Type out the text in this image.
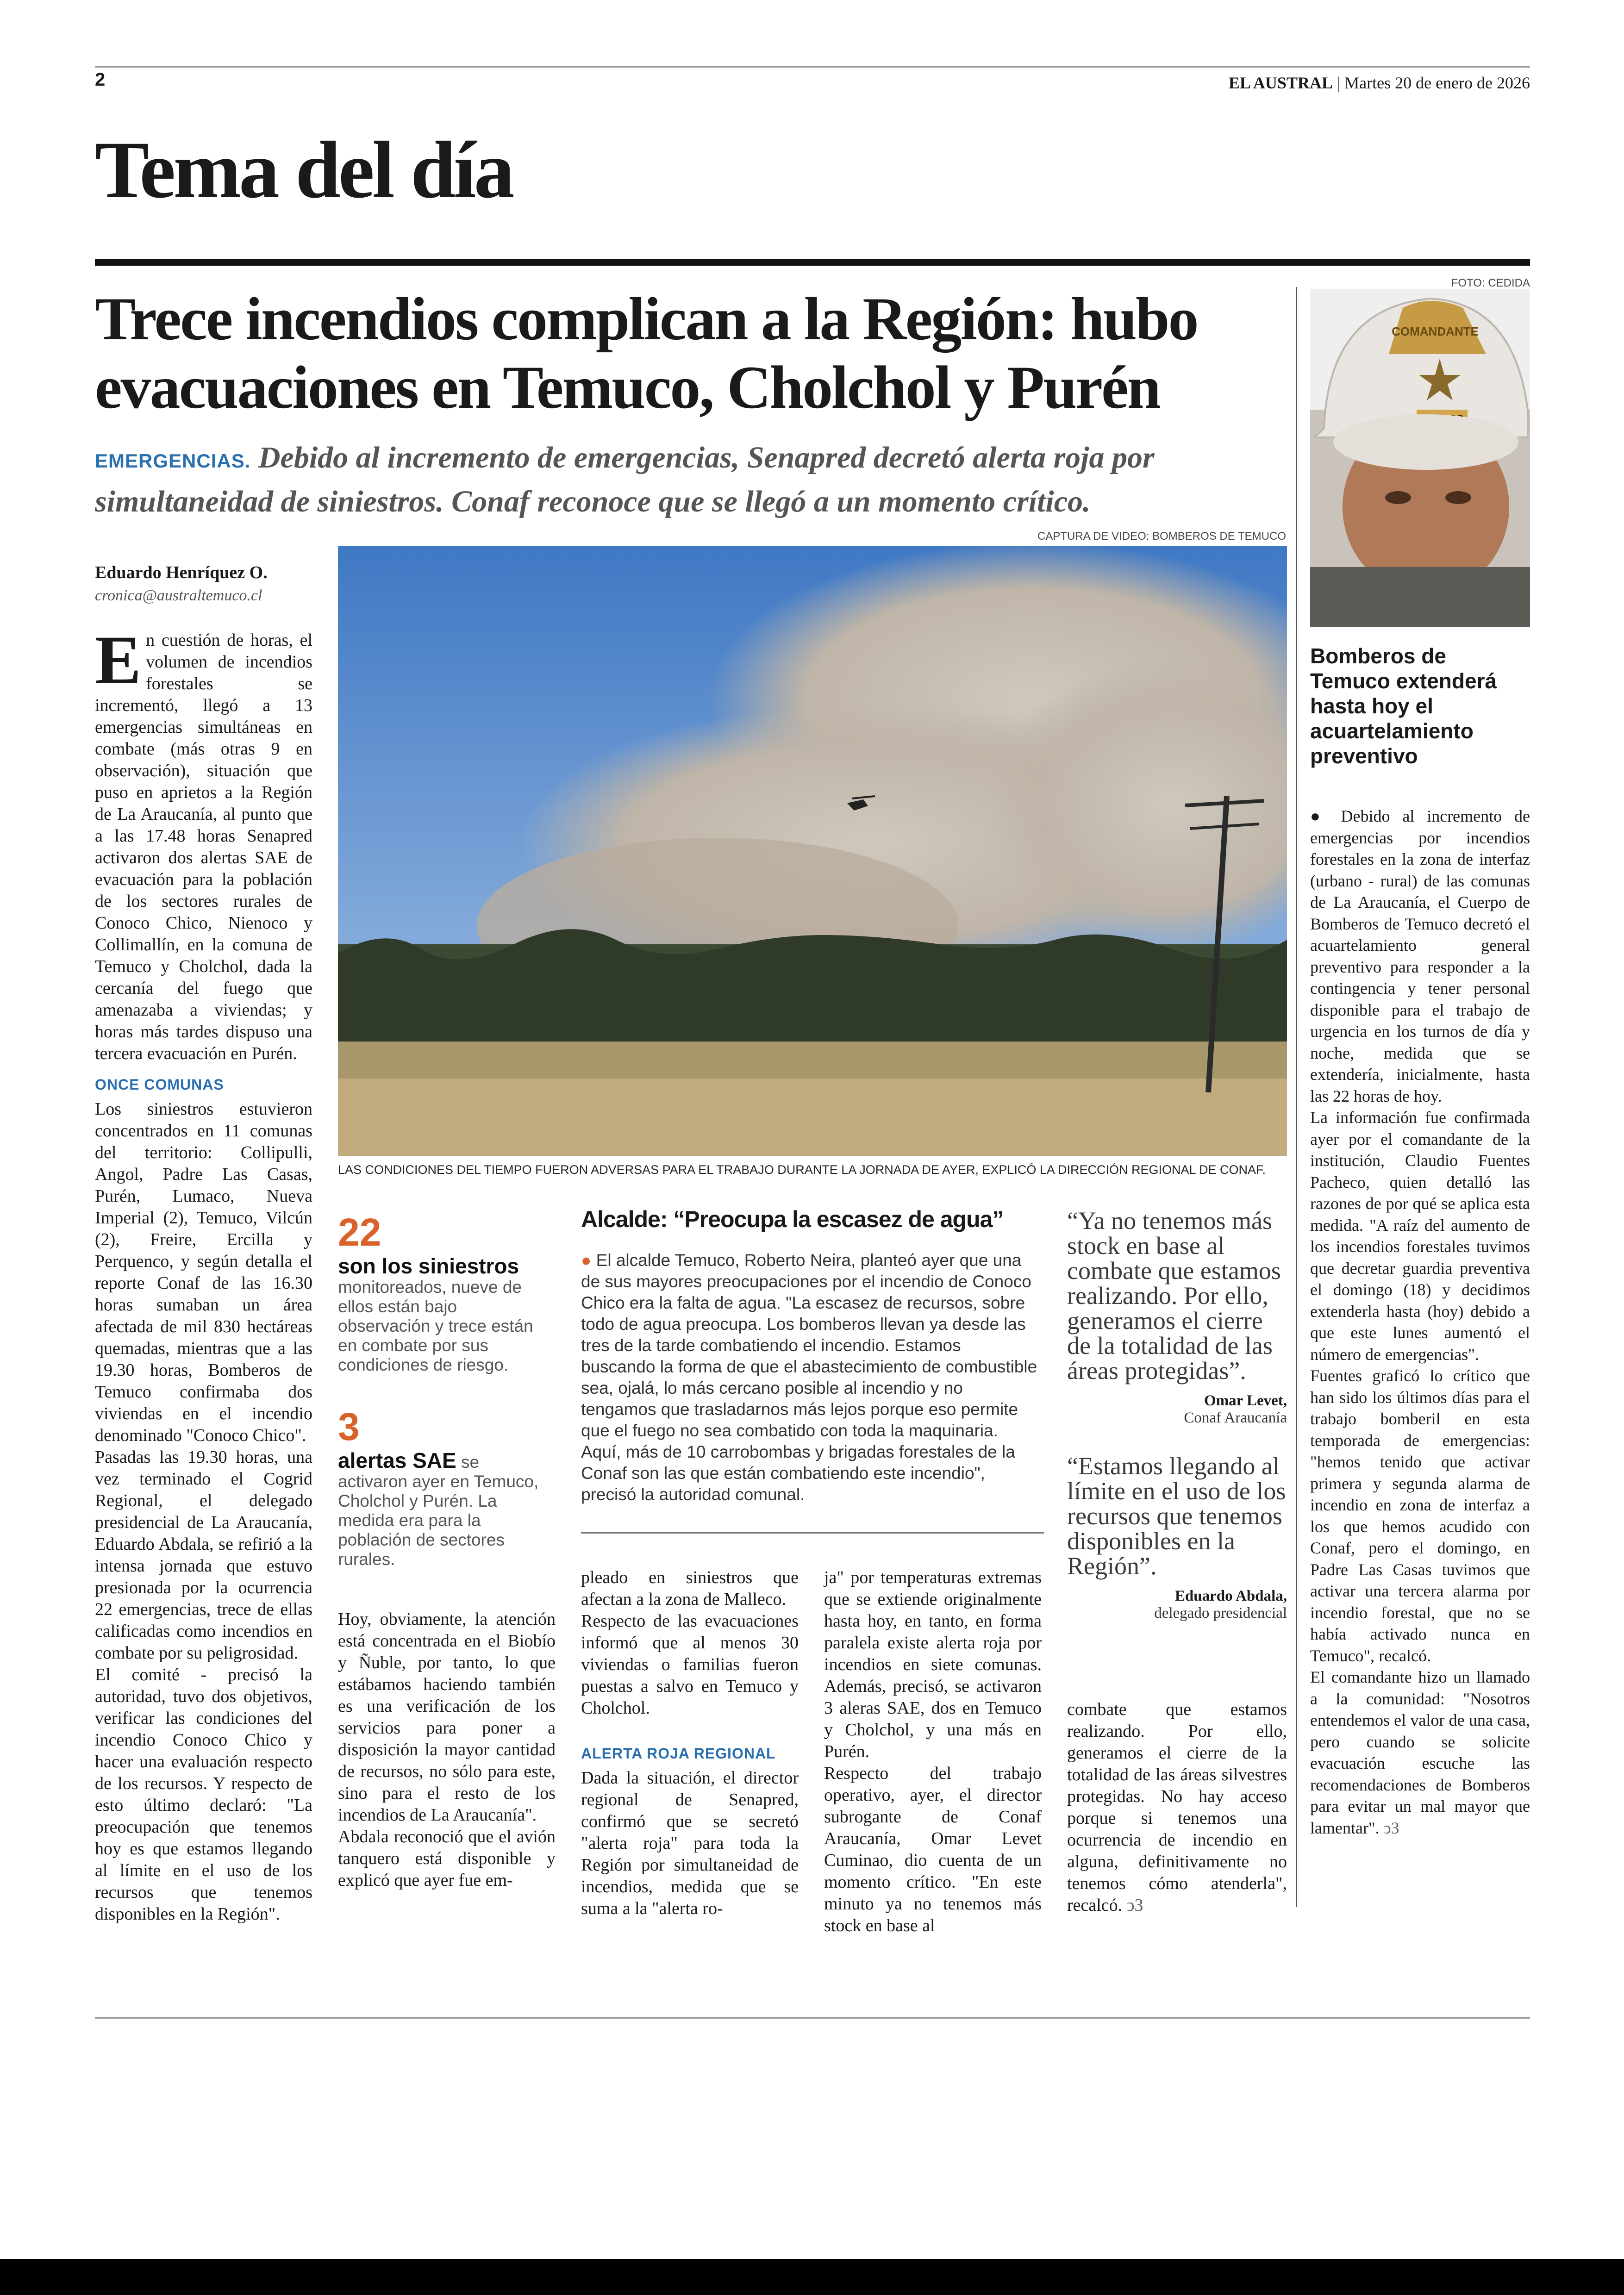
2	EL AUSTRAL | Martes 20 de enero de 2026
Tema del día
Trece incendios complican a la Región: hubo evacuaciones en Temuco, Cholchol y Purén
EMERGENCIAS. Debido al incremento de emergencias, Senapred decretó alerta roja por simultaneidad de siniestros. Conaf reconoce que se llegó a un momento crítico.
Eduardo Henríquez O.
cronica@australtemuco.cl
CAPTURA DE VIDEO: BOMBEROS DE TEMUCO
LAS CONDICIONES DEL TIEMPO FUERON ADVERSAS PARA EL TRABAJO DURANTE LA JORNADA DE AYER, EXPLICÓ LA DIRECCIÓN REGIONAL DE CONAF.
En cuestión de horas, el volumen de incendios forestales se incrementó, llegó a 13 emergencias simultáneas en combate (más otras 9 en observación), situación que puso en aprietos a la Región de La Araucanía, al punto que a las 17.48 horas Senapred activaron dos alertas SAE de evacuación para la población de los sectores rurales de Conoco Chico, Nienoco y Collimallín, en la comuna de Temuco y Cholchol, dada la cercanía del fuego que amenazaba a viviendas; y horas más tardes dispuso una tercera evacuación en Purén.
ONCE COMUNAS
Los siniestros estuvieron concentrados en 11 comunas del territorio: Collipulli, Angol, Padre Las Casas, Purén, Lumaco, Nueva Imperial (2), Temuco, Vilcún (2), Freire, Ercilla y Perquenco, y según detalla el reporte Conaf de las 16.30 horas sumaban un área afectada de mil 830 hectáreas quemadas, mientras que a las 19.30 horas, Bomberos de Temuco confirmaba dos viviendas en el incendio denominado "Conoco Chico".
Pasadas las 19.30 horas, una vez terminado el Cogrid Regional, el delegado presidencial de La Araucanía, Eduardo Abdala, se refirió a la intensa jornada que estuvo presionada por la ocurrencia 22 emergencias, trece de ellas calificadas como incendios en combate por su peligrosidad.
El comité - precisó la autoridad, tuvo dos objetivos, verificar las condiciones del incendio Conoco Chico y hacer una evaluación respecto de los recursos. Y respecto de esto último declaró: "La preocupación que tenemos hoy es que estamos llegando al límite en el uso de los recursos que tenemos disponibles en la Región".
22
son los siniestros monitoreados, nueve de ellos están bajo observación y trece están en combate por sus condiciones de riesgo.
3
alertas SAE se activaron ayer en Temuco, Cholchol y Purén. La medida era para la población de sectores rurales.
Hoy, obviamente, la atención está concentrada en el Biobío y Ñuble, por tanto, lo que estábamos haciendo también es una verificación de los servicios para poner a disposición la mayor cantidad de recursos, no sólo para este, sino para el resto de los incendios de La Araucanía".
Abdala reconoció que el avión tanquero está disponible y explicó que ayer fue em-
Alcalde: “Preocupa la escasez de agua”
● El alcalde Temuco, Roberto Neira, planteó ayer que una de sus mayores preocupaciones por el incendio de Conoco Chico era la falta de agua. "La escasez de recursos, sobre todo de agua preocupa. Los bomberos llevan ya desde las tres de la tarde combatiendo el incendio. Estamos buscando la forma de que el abastecimiento de combustible sea, ojalá, lo más cercano posible al incendio y no tengamos que trasladarnos más lejos porque eso permite que el fuego no sea combatido con toda la maquinaria. Aquí, más de 10 carrobombas y brigadas forestales de la Conaf son las que están combatiendo este incendio", precisó la autoridad comunal.
pleado en siniestros que afectan a la zona de Malleco.
Respecto de las evacuaciones informó que al menos 30 viviendas o familias fueron puestas a salvo en Temuco y Cholchol.
ALERTA ROJA REGIONAL
Dada la situación, el director regional de Senapred, confirmó que se secretó "alerta roja" para toda la Región por simultaneidad de incendios, medida que se suma a la "alerta ro-
ja" por temperaturas extremas que se extiende originalmente hasta hoy, en tanto, en forma paralela existe alerta roja por incendios en siete comunas. Además, precisó, se activaron 3 aleras SAE, dos en Temuco y Cholchol, y una más en Purén.
Respecto del trabajo operativo, ayer, el director subrogante de Conaf Araucanía, Omar Levet Cuminao, dio cuenta de un momento crítico. "En este minuto ya no tenemos más stock en base al
“Ya no tenemos más stock en base al combate que estamos realizando. Por ello, generamos el cierre de la totalidad de las áreas protegidas”.
Omar Levet,
Conaf Araucanía
“Estamos llegando al límite en el uso de los recursos que tenemos disponibles en la Región”.
Eduardo Abdala,
delegado presidencial
combate que estamos realizando. Por ello, generamos el cierre de la totalidad de las áreas silvestres protegidas. No hay acceso porque si tenemos una ocurrencia de incendio en alguna, definitivamente no tenemos cómo atenderla", recalcó. ↄЗ
FOTO: CEDIDA
COMANDANTE
Bomberos de Temuco extenderá hasta hoy el acuartelamiento preventivo
● Debido al incremento de emergencias por incendios forestales en la zona de interfaz (urbano - rural) de las comunas de La Araucanía, el Cuerpo de Bomberos de Temuco decretó el acuartelamiento general preventivo para responder a la contingencia y tener personal disponible para el trabajo de urgencia en los turnos de día y noche, medida que se extendería, inicialmente, hasta las 22 horas de hoy.
La información fue confirmada ayer por el comandante de la institución, Claudio Fuentes Pacheco, quien detalló las razones de por qué se aplica esta medida. "A raíz del aumento de los incendios forestales tuvimos que decretar guardia preventiva el domingo (18) y decidimos extenderla hasta (hoy) debido a que este lunes aumentó el número de emergencias".
Fuentes graficó lo crítico que han sido los últimos días para el trabajo bomberil en esta temporada de emergencias: "hemos tenido que activar primera y segunda alarma de incendio en zona de interfaz a los que hemos acudido con Conaf, pero el domingo, en Padre Las Casas tuvimos que activar una tercera alarma por incendio forestal, que no se había activado nunca en Temuco", recalcó.
El comandante hizo un llamado a la comunidad: "Nosotros entendemos el valor de una casa, pero cuando se solicite evacuación escuche las recomendaciones de Bomberos para evitar un mal mayor que lamentar". ↄЗ
